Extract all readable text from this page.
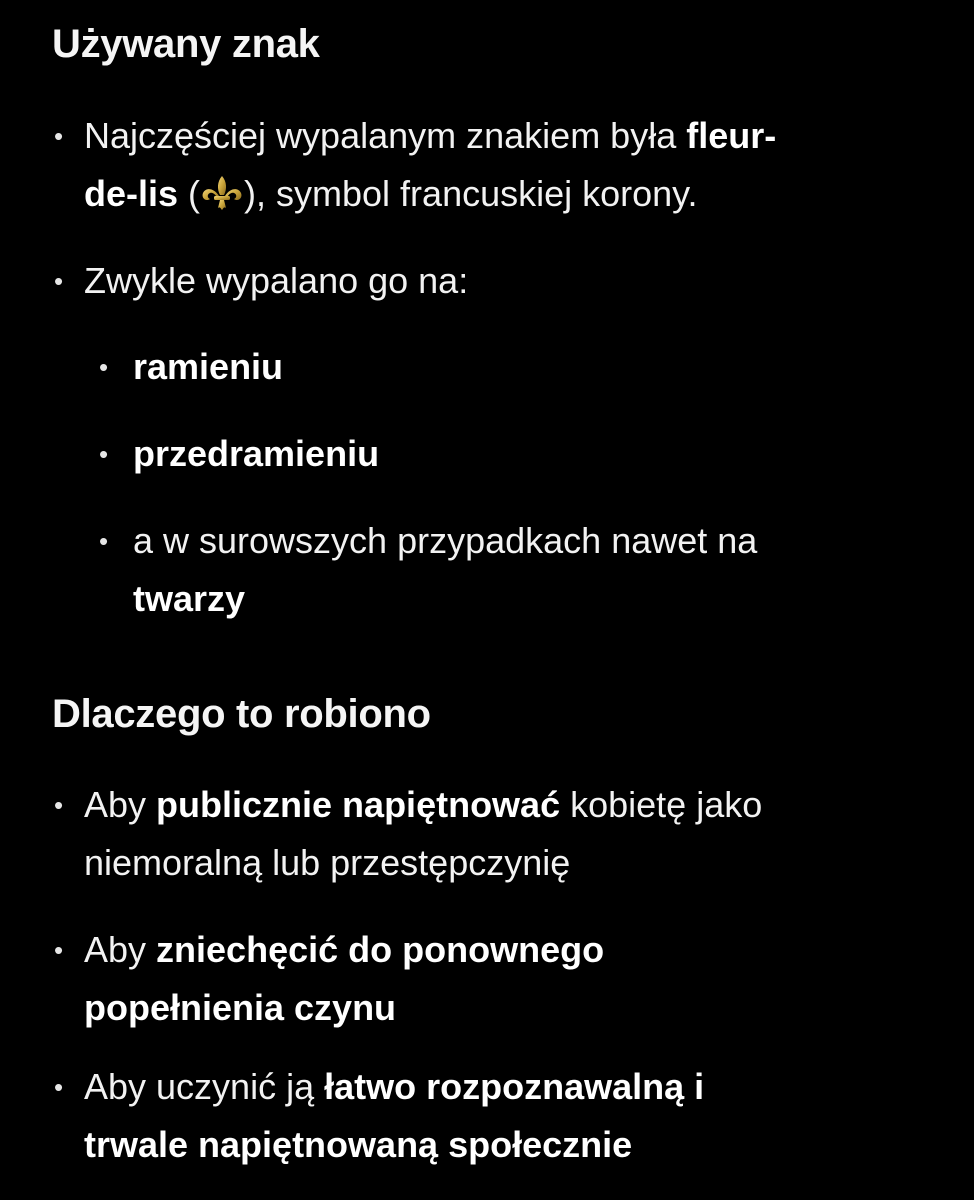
Używany znak
• Najczęściej wypalanym znakiem była fleur-
de-lis ( ), symbol francuskiej korony.
• Zwykle wypalano go na:
• ramieniu
• przedramieniu
• a w surowszych przypadkach nawet na
twarzy
Dlaczego to robiono
• Aby publicznie napiętnować kobietę jako
niemoralną lub przestępczynię
• Aby zniechęcić do ponownego
popełnienia czynu
• Aby uczynić ją łatwo rozpoznawalną i
trwale napiętnowaną społecznie
